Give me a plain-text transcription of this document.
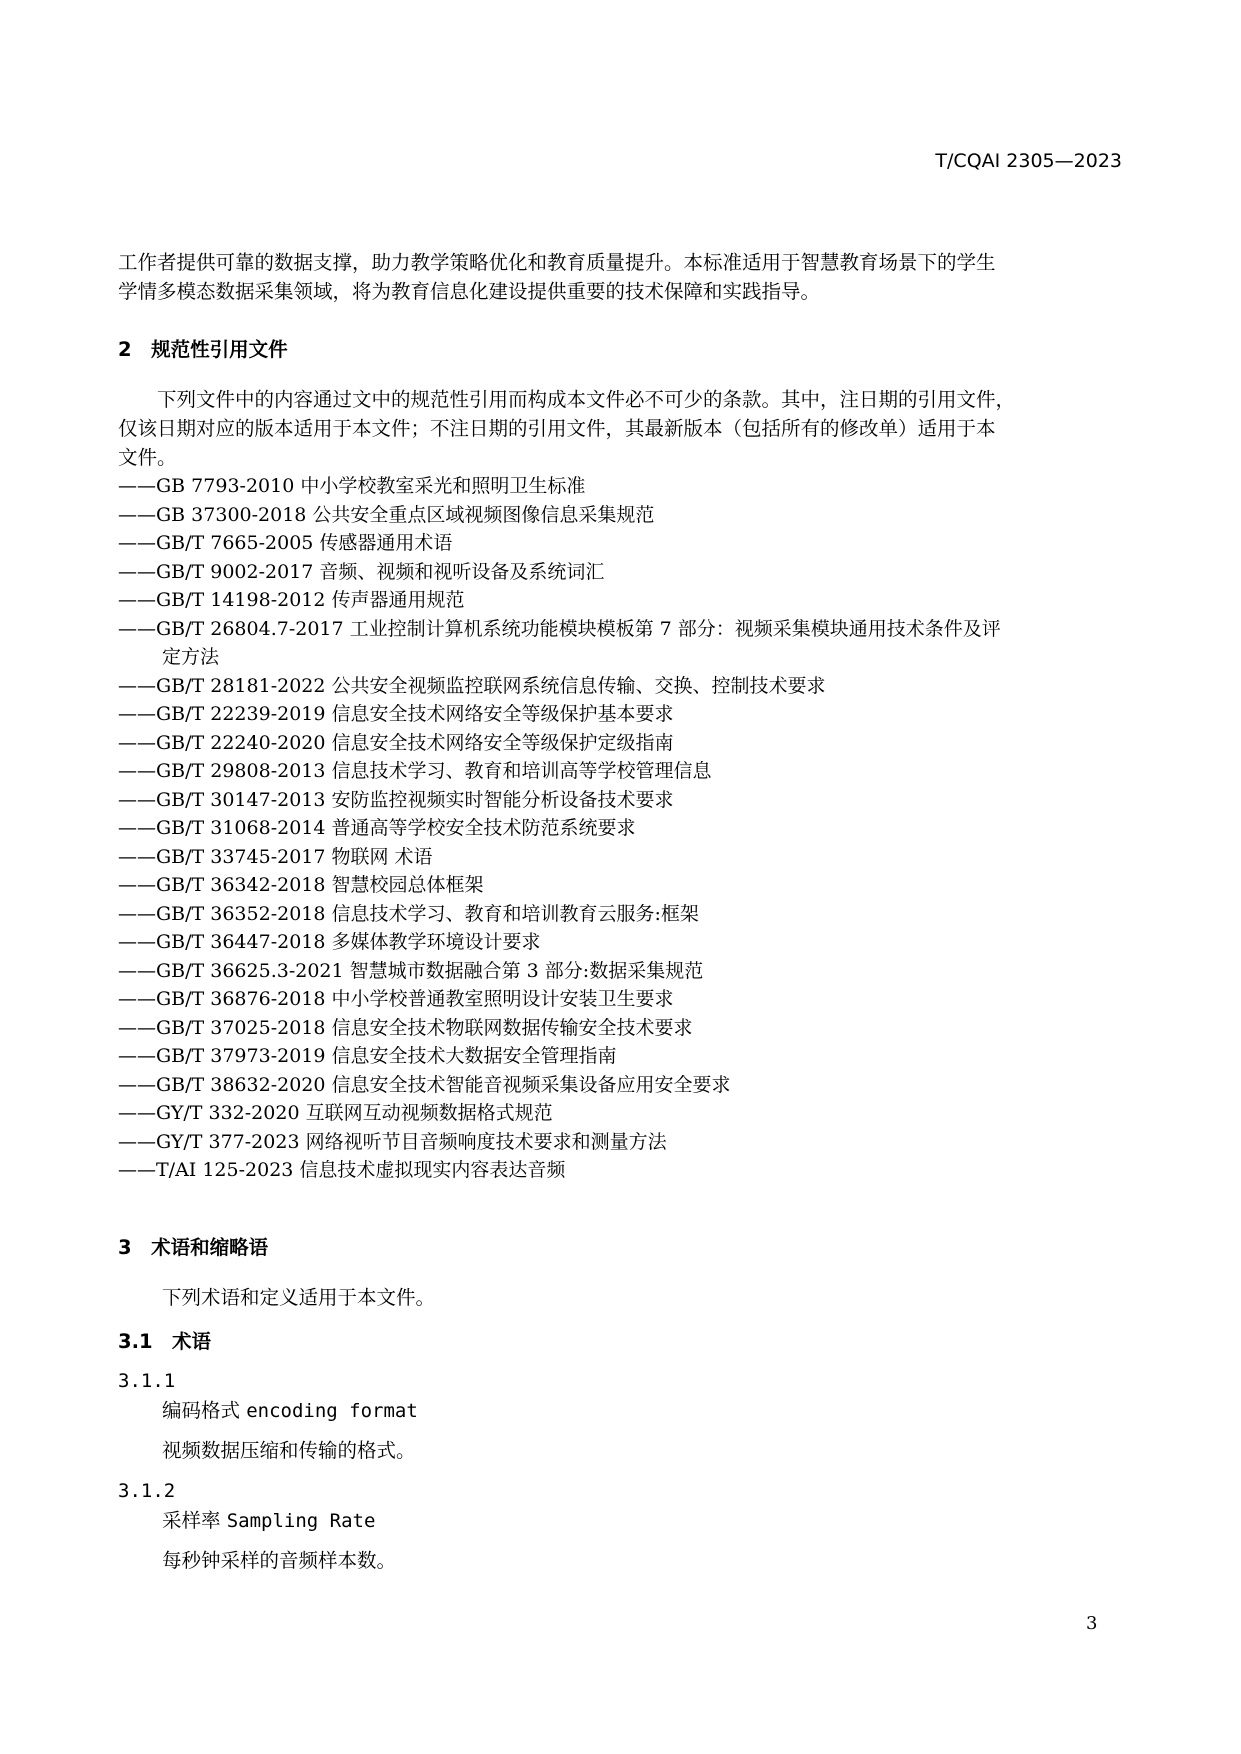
T/CQAI 2305—2023
工作者提供可靠的数据支撑，助力教学策略优化和教育质量提升。本标准适用于智慧教育场景下的学生
学情多模态数据采集领域，将为教育信息化建设提供重要的技术保障和实践指导。
2　规范性引用文件
　　下列文件中的内容通过文中的规范性引用而构成本文件必不可少的条款。其中，注日期的引用文件，
仅该日期对应的版本适用于本文件；不注日期的引用文件，其最新版本（包括所有的修改单）适用于本
文件。
——GB 7793-2010 中小学校教室采光和照明卫生标准
——GB 37300-2018 公共安全重点区域视频图像信息采集规范
——GB/T 7665-2005 传感器通用术语
——GB/T 9002-2017 音频、视频和视听设备及系统词汇
——GB/T 14198-2012 传声器通用规范
——GB/T 26804.7-2017 工业控制计算机系统功能模块模板第 7 部分：视频采集模块通用技术条件及评
定方法
——GB/T 28181-2022 公共安全视频监控联网系统信息传输、交换、控制技术要求
——GB/T 22239-2019 信息安全技术网络安全等级保护基本要求
——GB/T 22240-2020 信息安全技术网络安全等级保护定级指南
——GB/T 29808-2013 信息技术学习、教育和培训高等学校管理信息
——GB/T 30147-2013 安防监控视频实时智能分析设备技术要求
——GB/T 31068-2014 普通高等学校安全技术防范系统要求
——GB/T 33745-2017 物联网 术语
——GB/T 36342-2018 智慧校园总体框架
——GB/T 36352-2018 信息技术学习、教育和培训教育云服务:框架
——GB/T 36447-2018 多媒体教学环境设计要求
——GB/T 36625.3-2021 智慧城市数据融合第 3 部分:数据采集规范
——GB/T 36876-2018 中小学校普通教室照明设计安装卫生要求
——GB/T 37025-2018 信息安全技术物联网数据传输安全技术要求
——GB/T 37973-2019 信息安全技术大数据安全管理指南
——GB/T 38632-2020 信息安全技术智能音视频采集设备应用安全要求
——GY/T 332-2020 互联网互动视频数据格式规范
——GY/T 377-2023 网络视听节目音频响度技术要求和测量方法
——T/AI 125-2023 信息技术虚拟现实内容表达音频
3　术语和缩略语
下列术语和定义适用于本文件。
3.1　术语
3.1.1
编码格式 encoding format
视频数据压缩和传输的格式。
3.1.2
采样率 Sampling Rate
每秒钟采样的音频样本数。
3
